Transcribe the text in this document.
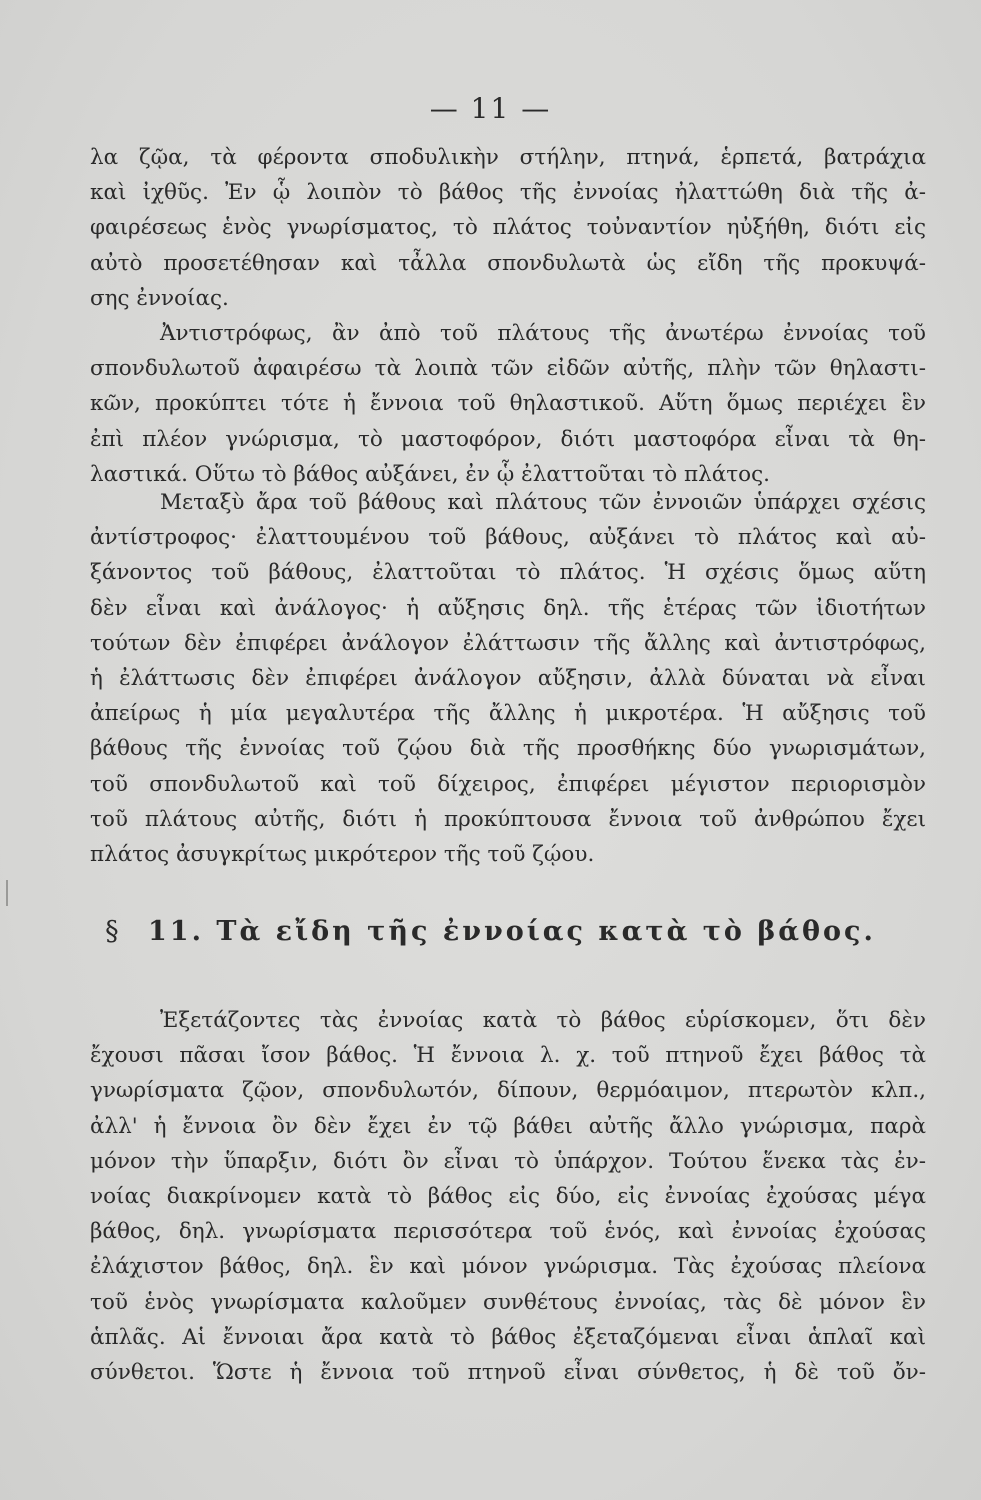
— 11 —
λα ζῷα, τὰ φέροντα σποδυλικὴν στήλην, πτηνά, ἑρπετά, βατράχια
καὶ ἰχθῦς. Ἐν ᾧ λοιπὸν τὸ βάθος τῆς ἐννοίας ἠλαττώθη διὰ τῆς ἀ-
φαιρέσεως ἑνὸς γνωρίσματος, τὸ πλάτος τοὐναντίον ηὐξήθη, διότι εἰς
αὐτὸ προσετέθησαν καὶ τἆλλα σπονδυλωτὰ ὡς εἴδη τῆς προκυψά-
σης ἐννοίας.
Ἀντιστρόφως, ἂν ἀπὸ τοῦ πλάτους τῆς ἀνωτέρω ἐννοίας τοῦ
σπονδυλωτοῦ ἀφαιρέσω τὰ λοιπὰ τῶν εἰδῶν αὐτῆς, πλὴν τῶν θηλαστι-
κῶν, προκύπτει τότε ἡ ἔννοια τοῦ θηλαστικοῦ. Αὕτη ὅμως περιέχει ἓν
ἐπὶ πλέον γνώρισμα, τὸ μαστοφόρον, διότι μαστοφόρα εἶναι τὰ θη-
λαστικά. Οὕτω τὸ βάθος αὐξάνει, ἐν ᾧ ἐλαττοῦται τὸ πλάτος.
Μεταξὺ ἄρα τοῦ βάθους καὶ πλάτους τῶν ἐννοιῶν ὑπάρχει σχέσις
ἀντίστροφος· ἐλαττουμένου τοῦ βάθους, αὐξάνει τὸ πλάτος καὶ αὐ-
ξάνοντος τοῦ βάθους, ἐλαττοῦται τὸ πλάτος. Ἡ σχέσις ὅμως αὕτη
δὲν εἶναι καὶ ἀνάλογος· ἡ αὔξησις δηλ. τῆς ἑτέρας τῶν ἰδιοτήτων
τούτων δὲν ἐπιφέρει ἀνάλογον ἐλάττωσιν τῆς ἄλλης καὶ ἀντιστρόφως,
ἡ ἐλάττωσις δὲν ἐπιφέρει ἀνάλογον αὔξησιν, ἀλλὰ δύναται νὰ εἶναι
ἀπείρως ἡ μία μεγαλυτέρα τῆς ἄλλης ἡ μικροτέρα. Ἡ αὔξησις τοῦ
βάθους τῆς ἐννοίας τοῦ ζῴου διὰ τῆς προσθήκης δύο γνωρισμάτων,
τοῦ σπονδυλωτοῦ καὶ τοῦ δίχειρος, ἐπιφέρει μέγιστον περιορισμὸν
τοῦ πλάτους αὐτῆς, διότι ἡ προκύπτουσα ἔννοια τοῦ ἀνθρώπου ἔχει
πλάτος ἀσυγκρίτως μικρότερον τῆς τοῦ ζῴου.
§ 11. Τὰ εἴδη τῆς ἐννοίας κατὰ τὸ βάθος.
Ἐξετάζοντες τὰς ἐννοίας κατὰ τὸ βάθος εὑρίσκομεν, ὅτι δὲν
ἔχουσι πᾶσαι ἴσον βάθος. Ἡ ἔννοια λ. χ. τοῦ πτηνοῦ ἔχει βάθος τὰ
γνωρίσματα ζῷον, σπονδυλωτόν, δίπουν, θερμόαιμον, πτερωτὸν κλπ.,
ἀλλ' ἡ ἔννοια ὂν δὲν ἔχει ἐν τῷ βάθει αὐτῆς ἄλλο γνώρισμα, παρὰ
μόνον τὴν ὕπαρξιν, διότι ὂν εἶναι τὸ ὑπάρχον. Τούτου ἕνεκα τὰς ἐν-
νοίας διακρίνομεν κατὰ τὸ βάθος εἰς δύο, εἰς ἐννοίας ἐχούσας μέγα
βάθος, δηλ. γνωρίσματα περισσότερα τοῦ ἑνός, καὶ ἐννοίας ἐχούσας
ἐλάχιστον βάθος, δηλ. ἓν καὶ μόνον γνώρισμα. Τὰς ἐχούσας πλείονα
τοῦ ἑνὸς γνωρίσματα καλοῦμεν συνθέτους ἐννοίας, τὰς δὲ μόνον ἓν
ἁπλᾶς. Αἱ ἔννοιαι ἄρα κατὰ τὸ βάθος ἐξεταζόμεναι εἶναι ἁπλαῖ καὶ
σύνθετοι. Ὥστε ἡ ἔννοια τοῦ πτηνοῦ εἶναι σύνθετος, ἡ δὲ τοῦ ὄν-
